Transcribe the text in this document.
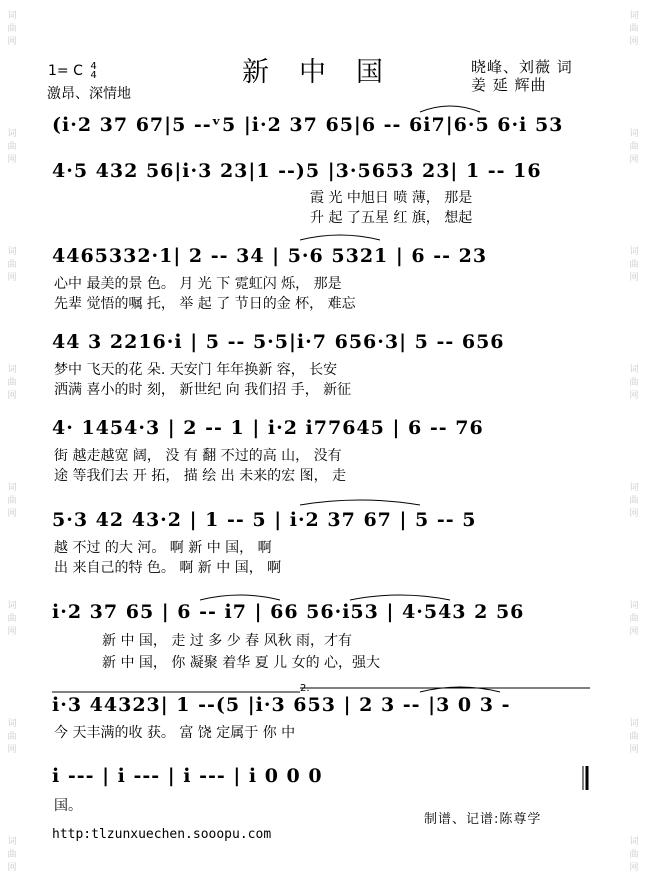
词
曲
网
词
曲
网
词
曲
网
词
曲
网
词
曲
网
词
曲
网
词
曲
网
词
曲
网
词
曲
网
词
曲
网
词
曲
网
词
曲
网
词
曲
网
词
曲
网
词
曲
网
词
曲
网
1= C 4
4	新中国	晓峰、刘薇 词
姜 延 辉曲
激昂、深情地
(i·2 37 67|5 --ᵛ5 |i·2 37 65|6 -- 6i7|6·5 6·i 53
4·5 432 56|i·3 23|1 --)5 |3·5653 23| 1 -- 16
霞 光 中旭日 喷 薄， 那是
升 起 了五星 红 旗， 想起
4465332·1| 2 -- 34 | 5·6 5321 | 6 -- 23
心中 最美的景 色。 月 光 下 霓虹闪 烁， 那是
先辈 觉悟的嘱 托， 举 起 了 节日的金 杯， 难忘
44 3 2216·i | 5 -- 5·5|i·7 656·3| 5 -- 656
梦中 飞天的花 朵. 天安门 年年换新 容， 长安
洒满 喜小的时 刻， 新世纪 向 我们招 手， 新征
4· 1454·3 | 2 -- 1 | i·2 i77645 | 6 -- 76
街 越走越宽 阔， 没 有 翻 不过的高 山， 没有
途 等我们去 开 拓， 描 绘 出 未来的宏 图， 走
5·3 42 43·2 | 1 -- 5 | i·2 37 67 | 5 -- 5
越 不过 的大 河。 啊 新 中 国， 啊
出 来自己的特 色。 啊 新 中 国， 啊
i·2 37 65 | 6 -- i7 | 66 56·i53 | 4·543 2 56
新 中 国， 走 过 多 少 春 风秋 雨，才有
新 中 国， 你 凝聚 着华 夏 儿 女的 心，强大
2.
i·3 44323| 1 --(5 |i·3 653 | 2 3 -- |3 0 3 -
今 天丰满的收 获。 富 饶 定属于 你 中
i --- | i --- | i --- | i 0 0 0
国。
制谱、记谱:陈尊学
http:tlzunxuechen.sooopu.com
